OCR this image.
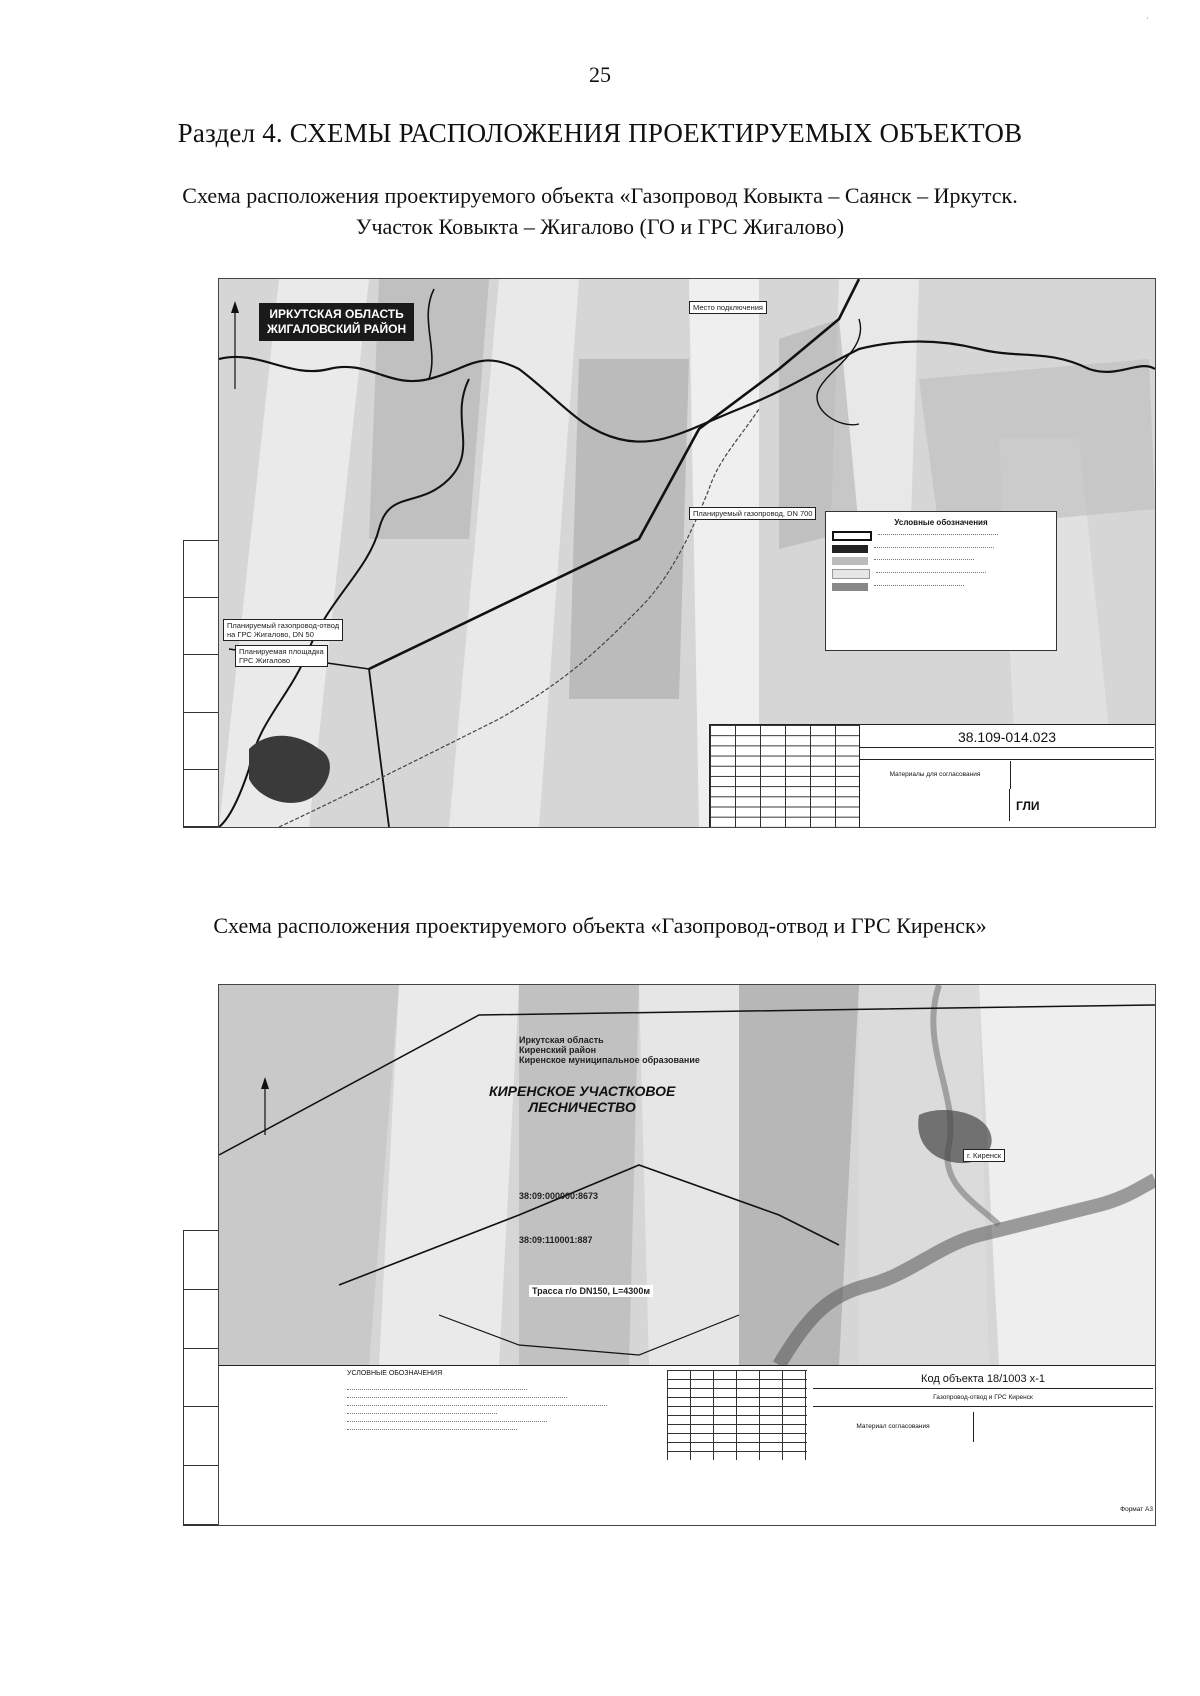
·
25
Раздел 4. СХЕМЫ РАСПОЛОЖЕНИЯ ПРОЕКТИРУЕМЫХ ОБЪЕКТОВ
Схема расположения проектируемого объекта «Газопровод Ковыкта – Саянск – Иркутск.
Участок Ковыкта – Жигалово (ГО и ГРС Жигалово)
ИРКУТСКАЯ ОБЛАСТЬ
ЖИГАЛОВСКИЙ РАЙОН
Место подключения
Планируемый газопровод, DN 700
Планируемый газопровод-отвод
на ГРС Жигалово, DN 50
Планируемая площадка
ГРС Жигалово
Условные обозначения
38.109-014.023

Материалы для согласования

ГЛИ
Схема расположения проектируемого объекта «Газопровод-отвод и ГРС Киренск»
Иркутская область
Киренский район
Киренское муниципальное образование
КИРЕНСКОЕ УЧАСТКОВОЕ
ЛЕСНИЧЕСТВО
г. Киренск
38:09:000000:8673
38:09:110001:887
Трасса г/о DN150, L=4300м
УСЛОВНЫЕ ОБОЗНАЧЕНИЯ	Код объекта 18/1003 х-1
Газопровод-отвод и ГРС Киренск
Материал согласования
Формат А3
